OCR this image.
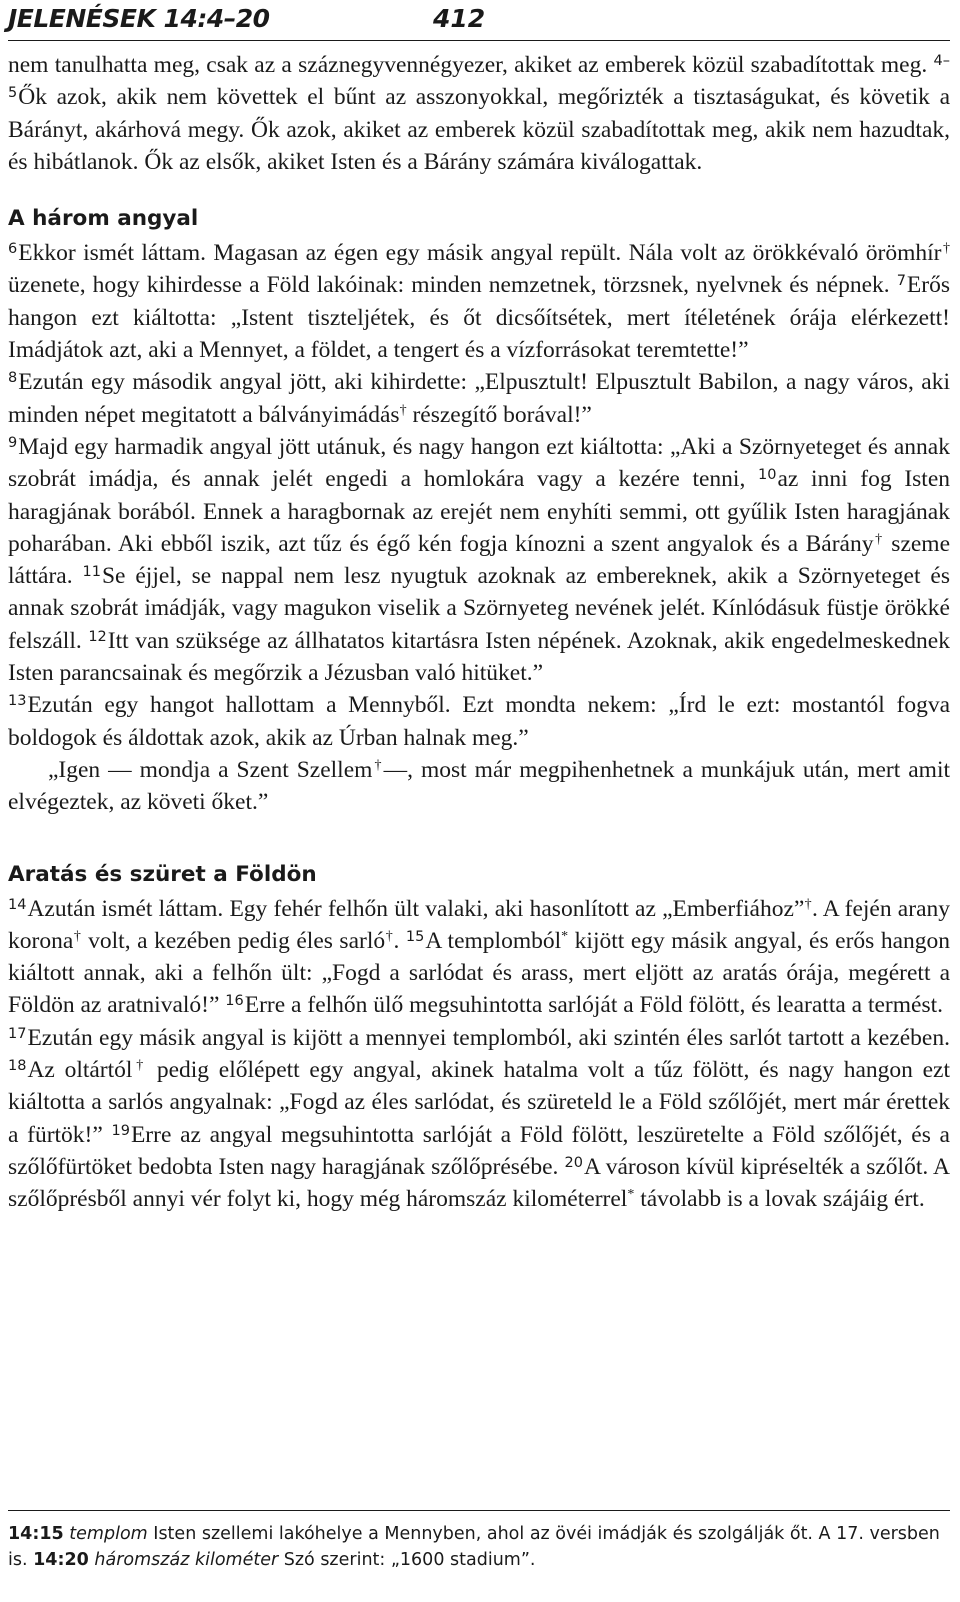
JELENÉSEK 14:4–20	412

nem tanulhatta meg, csak az a száznegyvennégyezer, akiket az emberek közül szabadítottak meg. $^{4-5}$Ők azok, akik nem követtek el bűnt az asszonyokkal, megőrizték a tisztaságukat, és követik a Bárányt, akárhová megy. Ők azok, akiket az emberek közül szabadítottak meg, akik nem hazudtak, és hibátlanok. Ők az elsők, akiket Isten és a Bárány számára kiválogattak.

A három angyal

$^6$Ekkor ismét láttam. Magasan az égen egy másik angyal repült. Nála volt az örökkévaló örömhír† üzenete, hogy kihirdesse a Föld lakóinak: minden nemzetnek, törzsnek, nyelvnek és népnek. $^7$Erős hangon ezt kiáltotta: „Istent tiszteljétek, és őt dicsőítsétek, mert ítéletének órája elérkezett! Imádjátok azt, aki a Mennyet, a földet, a tengert és a vízforrásokat teremtette!”

$^8$Ezután egy második angyal jött, aki kihirdette: „Elpusztult! Elpusztult Babilon, a nagy város, aki minden népet megitatott a bálványimádás† részegítő borával!”

$^9$Majd egy harmadik angyal jött utánuk, és nagy hangon ezt kiáltotta: „Aki a Szörnyeteget és annak szobrát imádja, és annak jelét engedi a homlokára vagy a kezére tenni, $^{10}$az inni fog Isten haragjának borából. Ennek a haragbornak az erejét nem enyhíti semmi, ott gyűlik Isten haragjának poharában. Aki ebből iszik, azt tűz és égő kén fogja kínozni a szent angyalok és a Bárány† szeme láttára. $^{11}$Se éjjel, se nappal nem lesz nyugtuk azoknak az embereknek, akik a Szörnyeteget és annak szobrát imádják, vagy magukon viselik a Szörnyeteg nevének jelét. Kínlódásuk füstje örökké felszáll. $^{12}$Itt van szüksége az állhatatos kitartásra Isten népének. Azoknak, akik engedelmeskednek Isten parancsainak és megőrzik a Jézusban való hitüket.”

$^{13}$Ezután egy hangot hallottam a Mennyből. Ezt mondta nekem: „Írd le ezt: mostantól fogva boldogok és áldottak azok, akik az Úrban halnak meg.”

„Igen — mondja a Szent Szellem†—, most már megpihenhetnek a munkájuk után, mert amit elvégeztek, az követi őket.”

Aratás és szüret a Földön

$^{14}$Azután ismét láttam. Egy fehér felhőn ült valaki, aki hasonlított az „Emberfiához”†. A fején arany korona† volt, a kezében pedig éles sarló†. $^{15}$A templomból* kijött egy másik angyal, és erős hangon kiáltott annak, aki a felhőn ült: „Fogd a sarlódat és arass, mert eljött az aratás órája, megérett a Földön az aratnivaló!” $^{16}$Erre a felhőn ülő megsuhintotta sarlóját a Föld fölött, és learatta a termést.

$^{17}$Ezután egy másik angyal is kijött a mennyei templomból, aki szintén éles sarlót tartott a kezében. $^{18}$Az oltártól† pedig előlépett egy angyal, akinek hatalma volt a tűz fölött, és nagy hangon ezt kiáltotta a sarlós angyalnak: „Fogd az éles sarlódat, és szüreteld le a Föld szőlőjét, mert már érettek a fürtök!” $^{19}$Erre az angyal megsuhintotta sarlóját a Föld fölött, leszüretelte a Föld szőlőjét, és a szőlőfürtöket bedobta Isten nagy haragjának szőlőprésébe. $^{20}$A városon kívül kipréselték a szőlőt. A szőlőprésből annyi vér folyt ki, hogy még háromszáz kilométerrel* távolabb is a lovak szájáig ért.

14:15 templom Isten szellemi lakóhelye a Mennyben, ahol az övéi imádják és szolgálják őt. A 17. versben is. 14:20 háromszáz kilométer Szó szerint: „1600 stadium”.
